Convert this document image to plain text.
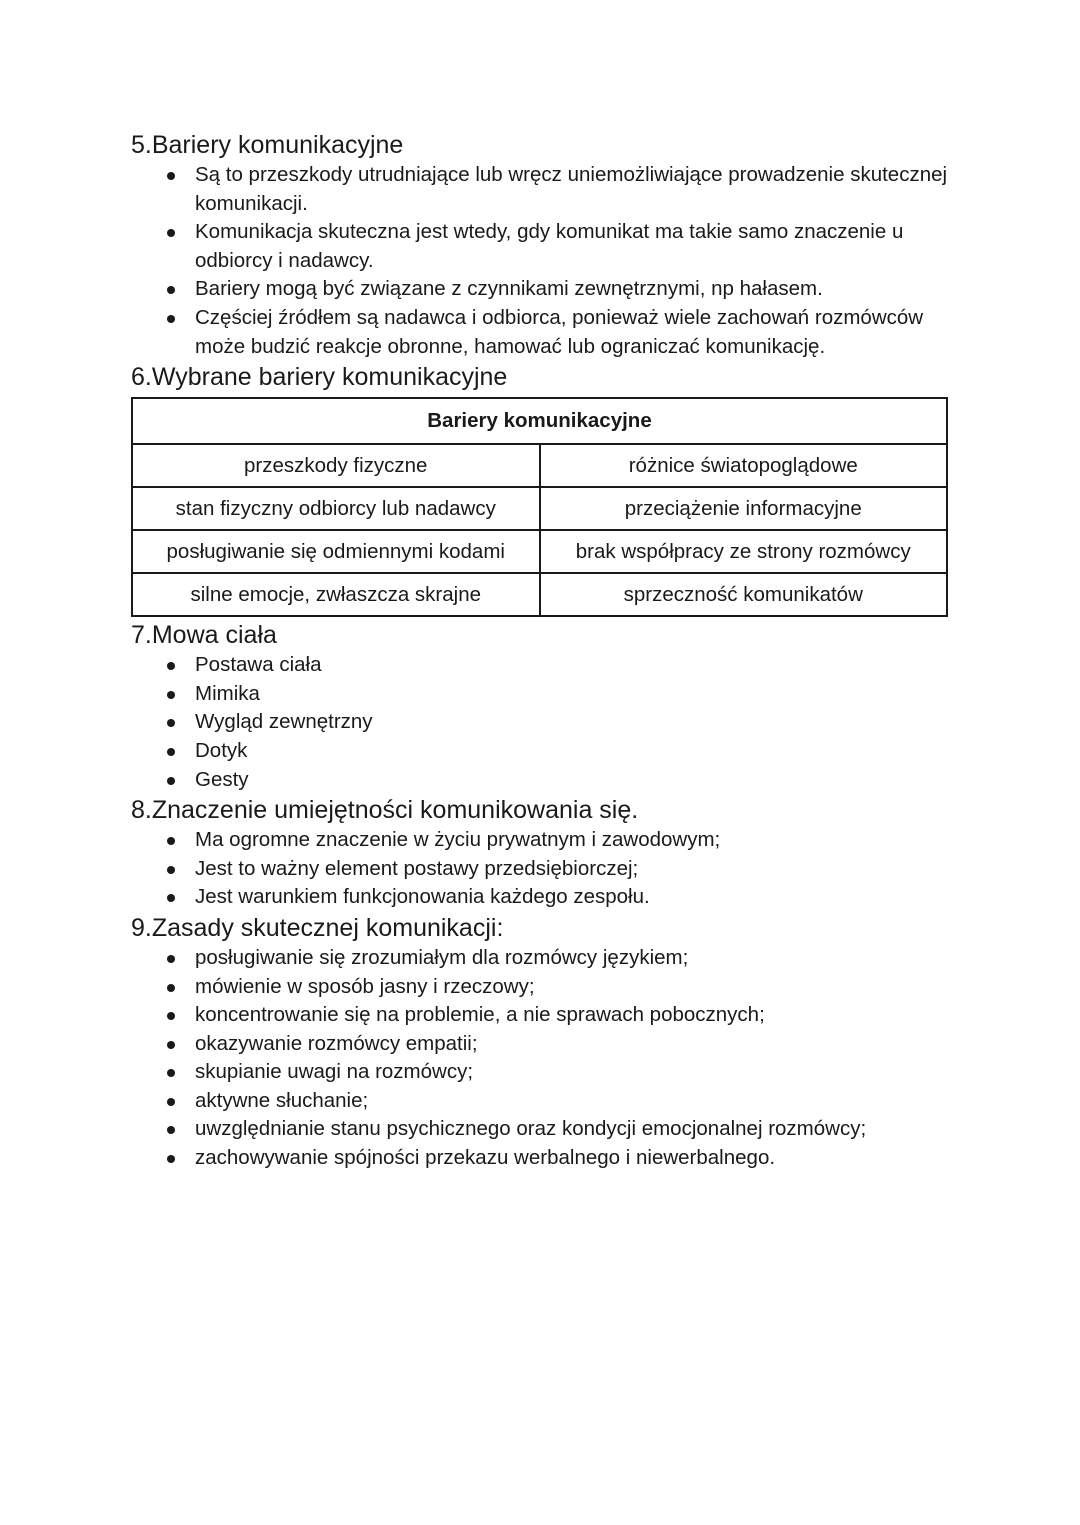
5.Bariery komunikacyjne
Są to przeszkody utrudniające lub wręcz uniemożliwiające prowadzenie skutecznej komunikacji.
Komunikacja skuteczna jest wtedy, gdy komunikat ma takie samo znaczenie u odbiorcy i nadawcy.
Bariery mogą być związane z czynnikami zewnętrznymi, np hałasem.
Częściej źródłem są nadawca i odbiorca, ponieważ wiele zachowań rozmówców może budzić reakcje obronne, hamować lub ograniczać komunikację.
6.Wybrane bariery komunikacyjne
Bariery komunikacyjne	
przeszkody fizyczne	różnice światopoglądowe
stan fizyczny odbiorcy lub nadawcy	przeciążenie informacyjne
posługiwanie się odmiennymi kodami	brak współpracy ze strony rozmówcy
silne emocje, zwłaszcza skrajne	sprzeczność komunikatów
7.Mowa ciała
Postawa ciała
Mimika
Wygląd zewnętrzny
Dotyk
Gesty
8.Znaczenie umiejętności komunikowania się.
Ma ogromne znaczenie w życiu prywatnym i zawodowym;
Jest to ważny element postawy przedsiębiorczej;
Jest warunkiem funkcjonowania każdego zespołu.
9.Zasady skutecznej komunikacji:
posługiwanie się zrozumiałym dla rozmówcy językiem;
mówienie w sposób jasny i rzeczowy;
koncentrowanie się na problemie, a nie sprawach pobocznych;
okazywanie rozmówcy empatii;
skupianie uwagi na rozmówcy;
aktywne słuchanie;
uwzględnianie stanu psychicznego oraz kondycji emocjonalnej rozmówcy;
zachowywanie spójności przekazu werbalnego i niewerbalnego.
